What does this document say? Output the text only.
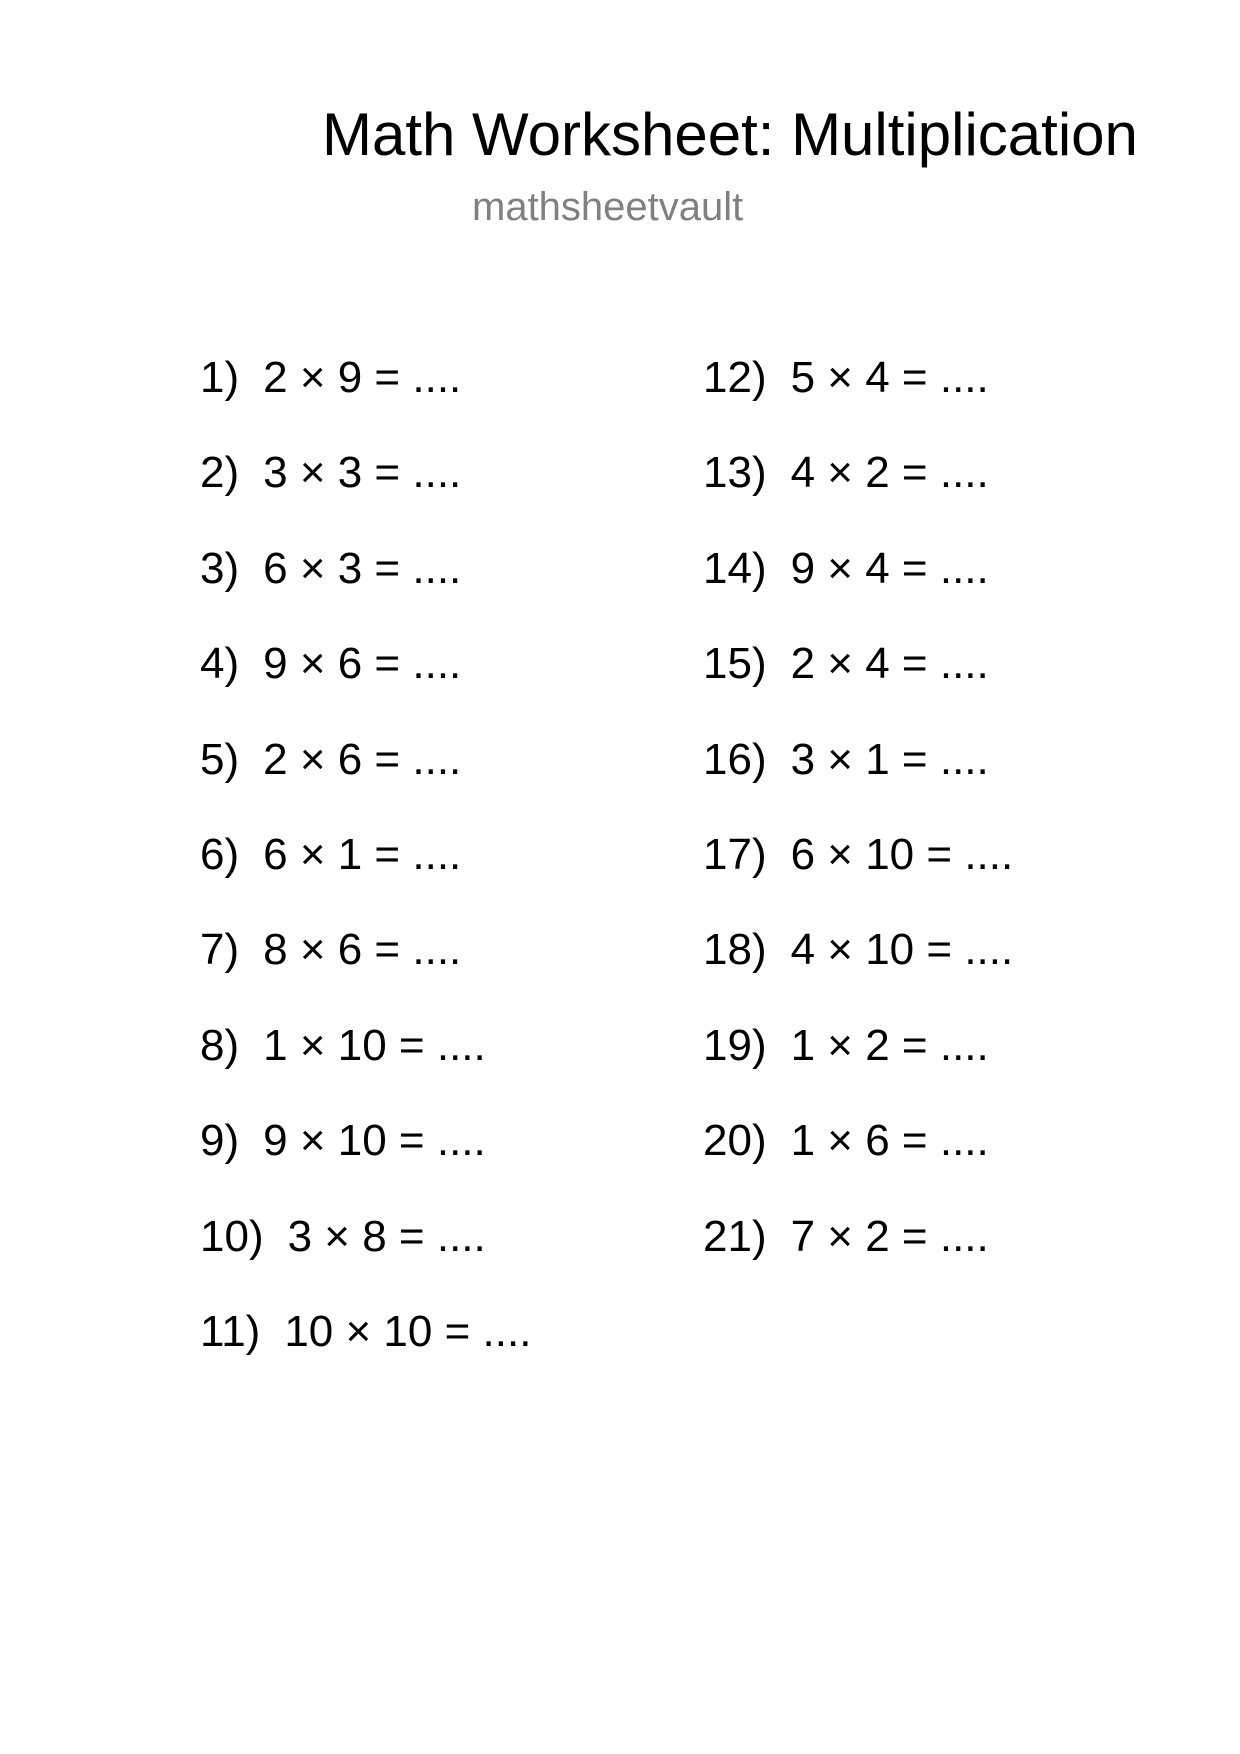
Math Worksheet: Multiplication
mathsheetvault
1) 2 × 9 = ....
2) 3 × 3 = ....
3) 6 × 3 = ....
4) 9 × 6 = ....
5) 2 × 6 = ....
6) 6 × 1 = ....
7) 8 × 6 = ....
8) 1 × 10 = ....
9) 9 × 10 = ....
10) 3 × 8 = ....
11) 10 × 10 = ....
12) 5 × 4 = ....
13) 4 × 2 = ....
14) 9 × 4 = ....
15) 2 × 4 = ....
16) 3 × 1 = ....
17) 6 × 10 = ....
18) 4 × 10 = ....
19) 1 × 2 = ....
20) 1 × 6 = ....
21) 7 × 2 = ....
